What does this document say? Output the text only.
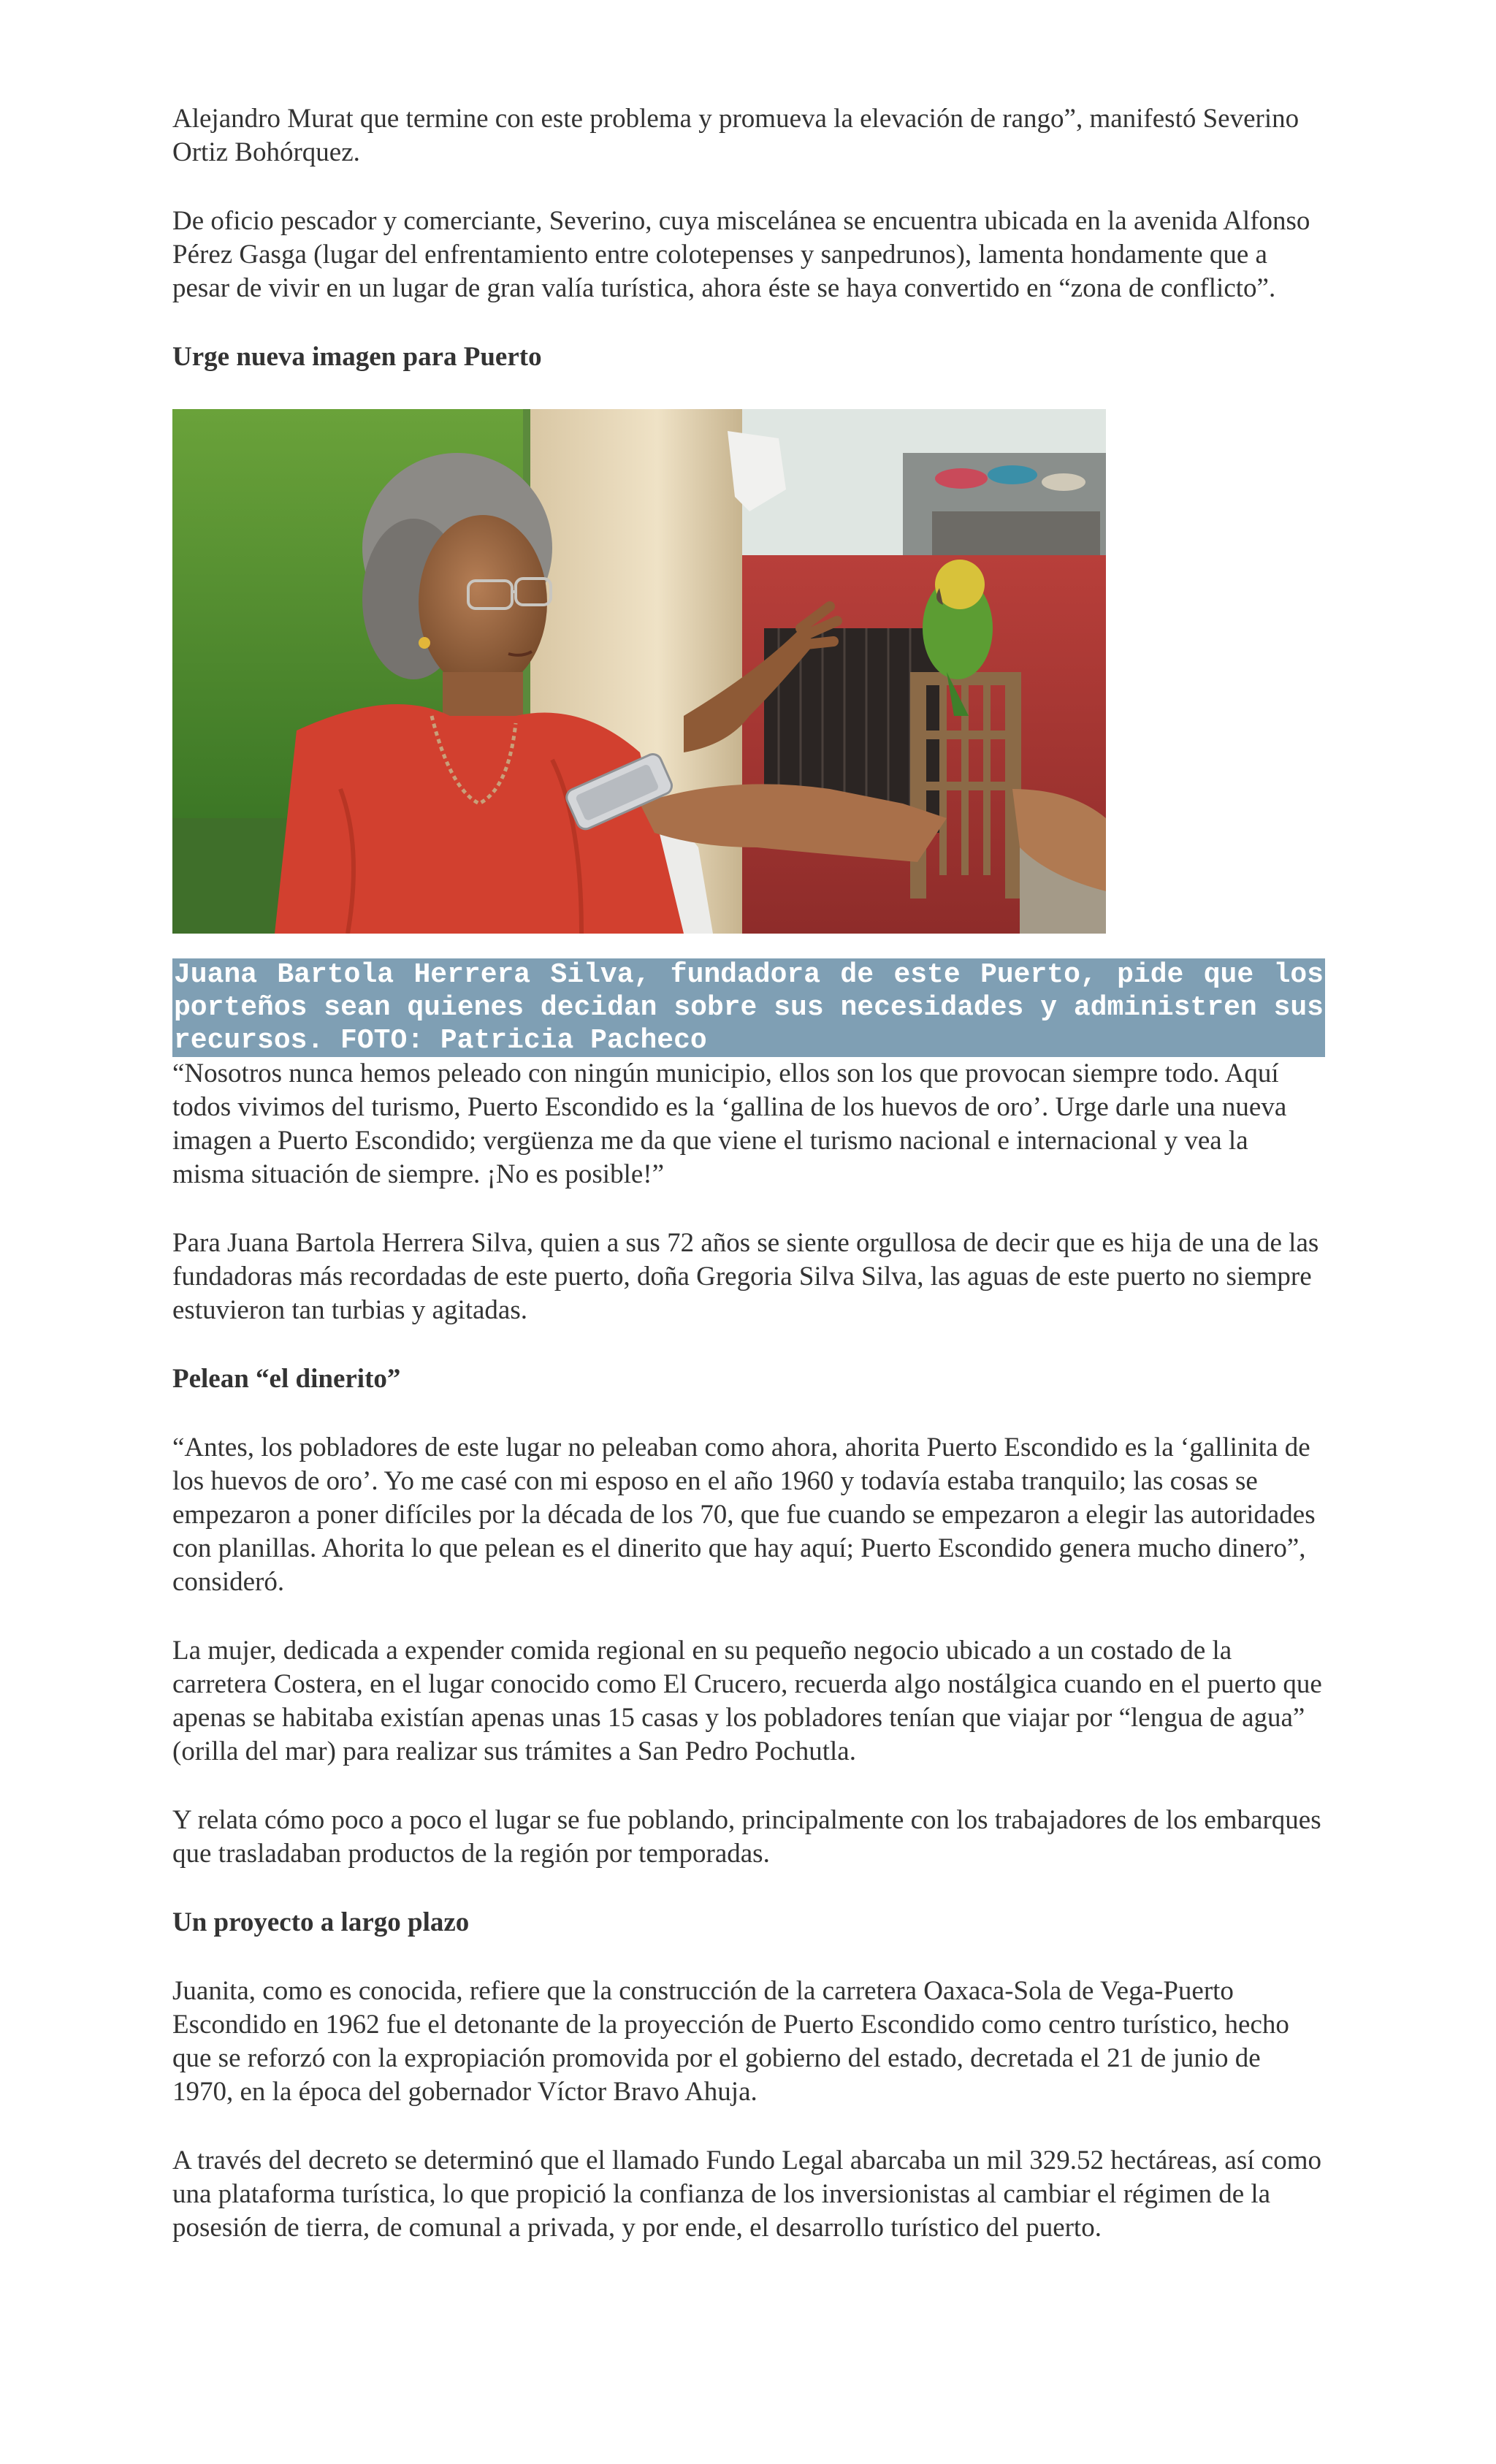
Alejandro Murat que termine con este problema y promueva la elevación de rango”, manifestó Severino Ortiz Bohórquez.

De oficio pescador y comerciante, Severino, cuya miscelánea se encuentra ubicada en la avenida Alfonso Pérez Gasga (lugar del enfrentamiento entre colotepenses y sanpedrunos), lamenta hondamente que a pesar de vivir en un lugar de gran valía turística, ahora éste se haya convertido en “zona de conflicto”.

Urge nueva imagen para Puerto

Juana Bartola Herrera Silva, fundadora de este Puerto, pide que los porteños sean quienes decidan sobre sus necesidades y administren sus recursos. FOTO: Patricia Pacheco

“Nosotros nunca hemos peleado con ningún municipio, ellos son los que provocan siempre todo. Aquí todos vivimos del turismo, Puerto Escondido es la ‘gallina de los huevos de oro’. Urge darle una nueva imagen a Puerto Escondido; vergüenza me da que viene el turismo nacional e internacional y vea la misma situación de siempre. ¡No es posible!”

Para Juana Bartola Herrera Silva, quien a sus 72 años se siente orgullosa de decir que es hija de una de las fundadoras más recordadas de este puerto, doña Gregoria Silva Silva, las aguas de este puerto no siempre estuvieron tan turbias y agitadas.

Pelean “el dinerito”

“Antes, los pobladores de este lugar no peleaban como ahora, ahorita Puerto Escondido es la ‘gallinita de los huevos de oro’. Yo me casé con mi esposo en el año 1960 y todavía estaba tranquilo; las cosas se empezaron a poner difíciles por la década de los 70, que fue cuando se empezaron a elegir las autoridades con planillas. Ahorita lo que pelean es el dinerito que hay aquí; Puerto Escondido genera mucho dinero”, consideró.

La mujer, dedicada a expender comida regional en su pequeño negocio ubicado a un costado de la carretera Costera, en el lugar conocido como El Crucero, recuerda algo nostálgica cuando en el puerto que apenas se habitaba existían apenas unas 15 casas y los pobladores tenían que viajar por “lengua de agua” (orilla del mar) para realizar sus trámites a San Pedro Pochutla.

Y relata cómo poco a poco el lugar se fue poblando, principalmente con los trabajadores de los embarques que trasladaban productos de la región por temporadas.

Un proyecto a largo plazo

Juanita, como es conocida, refiere que la construcción de la carretera Oaxaca-Sola de Vega-Puerto Escondido en 1962 fue el detonante de la proyección de Puerto Escondido como centro turístico, hecho que se reforzó con la expropiación promovida por el gobierno del estado, decretada el 21 de junio de 1970, en la época del gobernador Víctor Bravo Ahuja.

A través del decreto se determinó que el llamado Fundo Legal abarcaba un mil 329.52 hectáreas, así como una plataforma turística, lo que propició la confianza de los inversionistas al cambiar el régimen de la posesión de tierra, de comunal a privada, y por ende, el desarrollo turístico del puerto.
